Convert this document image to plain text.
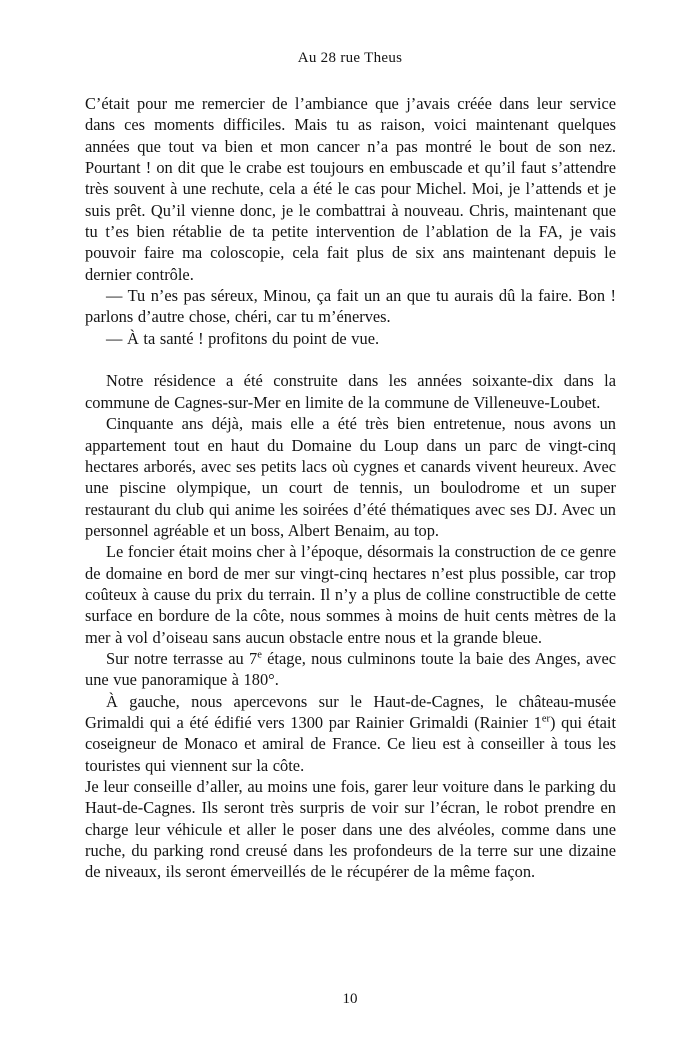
Au 28 rue Theus

C’était pour me remercier de l’ambiance que j’avais créée dans leur service dans ces moments difficiles. Mais tu as raison, voici maintenant quelques années que tout va bien et mon cancer n’a pas montré le bout de son nez. Pourtant ! on dit que le crabe est toujours en embuscade et qu’il faut s’attendre très souvent à une rechute, cela a été le cas pour Michel. Moi, je l’attends et je suis prêt. Qu’il vienne donc, je le combattrai à nouveau. Chris, maintenant que tu t’es bien rétablie de ta petite intervention de l’ablation de la FA, je vais pouvoir faire ma coloscopie, cela fait plus de six ans maintenant depuis le dernier contrôle.

— Tu n’es pas séreux, Minou, ça fait un an que tu aurais dû la faire. Bon ! parlons d’autre chose, chéri, car tu m’énerves.

— À ta santé ! profitons du point de vue.

Notre résidence a été construite dans les années soixante-dix dans la commune de Cagnes-sur-Mer en limite de la commune de Villeneuve-Loubet.

Cinquante ans déjà, mais elle a été très bien entretenue, nous avons un appartement tout en haut du Domaine du Loup dans un parc de vingt-cinq hectares arborés, avec ses petits lacs où cygnes et canards vivent heureux. Avec une piscine olympique, un court de tennis, un boulodrome et un super restaurant du club qui anime les soirées d’été thématiques avec ses DJ. Avec un personnel agréable et un boss, Albert Benaim, au top.

Le foncier était moins cher à l’époque, désormais la construction de ce genre de domaine en bord de mer sur vingt-cinq hectares n’est plus possible, car trop coûteux à cause du prix du terrain. Il n’y a plus de colline constructible de cette surface en bordure de la côte, nous sommes à moins de huit cents mètres de la mer à vol d’oiseau sans aucun obstacle entre nous et la grande bleue.

Sur notre terrasse au 7e étage, nous culminons toute la baie des Anges, avec une vue panoramique à 180°.

À gauche, nous apercevons sur le Haut-de-Cagnes, le château-musée Grimaldi qui a été édifié vers 1300 par Rainier Grimaldi (Rainier 1er) qui était coseigneur de Monaco et amiral de France. Ce lieu est à conseiller à tous les touristes qui viennent sur la côte.

Je leur conseille d’aller, au moins une fois, garer leur voiture dans le parking du Haut-de-Cagnes. Ils seront très surpris de voir sur l’écran, le robot prendre en charge leur véhicule et aller le poser dans une des alvéoles, comme dans une ruche, du parking rond creusé dans les profondeurs de la terre sur une dizaine de niveaux, ils seront émerveillés de le récupérer de la même façon.

10
